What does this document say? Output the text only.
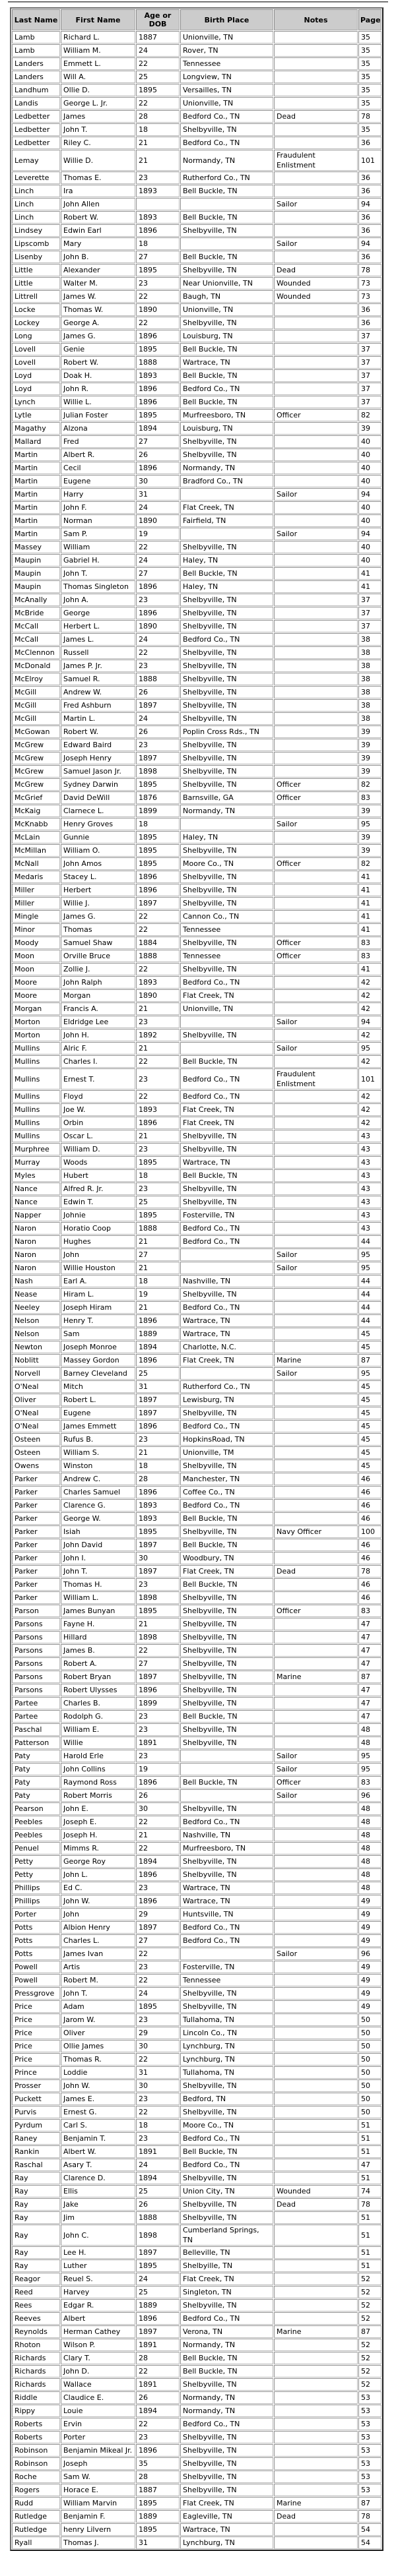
Last Name	First Name	Age or DOB	Birth Place	Notes	Page
Lamb	Richard L.	1887	Unionville, TN		35
Lamb	William M.	24	Rover, TN		35
Landers	Emmett L.	22	Tennessee		35
Landers	Will A.	25	Longview, TN		35
Landhum	Ollie D.	1895	Versailles, TN		35
Landis	George L. Jr.	22	Unionville, TN		35
Ledbetter	James	28	Bedford Co., TN	Dead	78
Ledbetter	John T.	18	Shelbyville, TN		35
Ledbetter	Riley C.	21	Bedford Co., TN		36
Lemay	Willie D.	21	Normandy, TN	Fraudulent Enlistment	101
Leverette	Thomas E.	23	Rutherford Co., TN		36
Linch	Ira	1893	Bell Buckle, TN		36
Linch	John Allen			Sailor	94
Linch	Robert W.	1893	Bell Buckle, TN		36
Lindsey	Edwin Earl	1896	Shelbyville, TN		36
Lipscomb	Mary	18		Sailor	94
Lisenby	John B.	27	Bell Buckle, TN		36
Little	Alexander	1895	Shelbyville, TN	Dead	78
Little	Walter M.	23	Near Unionville, TN	Wounded	73
Littrell	James W.	22	Baugh, TN	Wounded	73
Locke	Thomas W.	1890	Unionville, TN		36
Lockey	George A.	22	Shelbyville, TN		36
Long	James G.	1896	Louisburg, TN		37
Lovell	Genie	1895	Bell Buckle, TN		37
Lovell	Robert W.	1888	Wartrace, TN		37
Loyd	Doak H.	1893	Bell Buckle, TN		37
Loyd	John R.	1896	Bedford Co., TN		37
Lynch	Willie L.	1896	Bell Buckle, TN		37
Lytle	Julian Foster	1895	Murfreesboro, TN	Officer	82
Magathy	Alzona	1894	Louisburg, TN		39
Mallard	Fred	27	Shelbyville, TN		40
Martin	Albert R.	26	Shelbyville, TN		40
Martin	Cecil	1896	Normandy, TN		40
Martin	Eugene	30	Bradford Co., TN		40
Martin	Harry	31		Sailor	94
Martin	John F.	24	Flat Creek, TN		40
Martin	Norman	1890	Fairfield, TN		40
Martin	Sam P.	19		Sailor	94
Massey	William	22	Shelbyville, TN		40
Maupin	Gabriel H.	24	Haley, TN		40
Maupin	John T.	27	Bell Buckle, TN		41
Maupin	Thomas Singleton	1896	Haley, TN		41
McAnally	John A.	23	Shelbyville, TN		37
McBride	George	1896	Shelbyville, TN		37
McCall	Herbert L.	1890	Shelbyville, TN		37
McCall	James L.	24	Bedford Co., TN		38
McClennon	Russell	22	Shelbyville, TN		38
McDonald	James P. Jr.	23	Shelbyville, TN		38
McElroy	Samuel R.	1888	Shelbyville, TN		38
McGill	Andrew W.	26	Shelbyville, TN		38
McGill	Fred Ashburn	1897	Shelbyville, TN		38
McGill	Martin L.	24	Shelbyville, TN		38
McGowan	Robert W.	26	Poplin Cross Rds., TN		39
McGrew	Edward Baird	23	Shelbyville, TN		39
McGrew	Joseph Henry	1897	Shelbyville, TN		39
McGrew	Samuel Jason Jr.	1898	Shelbyville, TN		39
McGrew	Sydney Darwin	1895	Shelbyville, TN	Officer	82
McGrief	David DeWill	1876	Barnsville, GA	Officer	83
McKaig	Clarnece L.	1899	Normandy, TN		39
McKnabb	Henry Groves	18		Sailor	95
McLain	Gunnie	1895	Haley, TN		39
McMillan	William O.	1895	Shelbyville, TN		39
McNall	John Amos	1895	Moore Co., TN	Officer	82
Medaris	Stacey L.	1896	Shelbyville, TN		41
Miller	Herbert	1896	Shelbyville, TN		41
Miller	Willie J.	1897	Shelbyville, TN		41
Mingle	James G.	22	Cannon Co., TN		41
Minor	Thomas	22	Tennessee		41
Moody	Samuel Shaw	1884	Shelbyville, TN	Officer	83
Moon	Orville Bruce	1888	Tennessee	Officer	83
Moon	Zollie J.	22	Shelbyville, TN		41
Moore	John Ralph	1893	Bedford Co., TN		42
Moore	Morgan	1890	Flat Creek, TN		42
Morgan	Francis A.	21	Unionville, TN		42
Morton	Eldridge Lee	23		Sailor	94
Morton	John H.	1892	Shelbyville, TN		42
Mullins	Alric F.	21		Sailor	95
Mullins	Charles I.	22	Bell Buckle, TN		42
Mullins	Ernest T.	23	Bedford Co., TN	Fraudulent Enlistment	101
Mullins	Floyd	22	Bedford Co., TN		42
Mullins	Joe W.	1893	Flat Creek, TN		42
Mullins	Orbin	1896	Flat Creek, TN		42
Mullins	Oscar L.	21	Shelbyville, TN		43
Murphree	William D.	23	Shelbyville, TN		43
Murray	Woods	1895	Wartrace, TN		43
Myles	Hubert	18	Bell Buckle, TN		43
Nance	Alfred R. Jr.	23	Shelbyville, TN		43
Nance	Edwin T.	25	Shelbyville, TN		43
Napper	Johnie	1895	Fosterville, TN		43
Naron	Horatio Coop	1888	Bedford Co., TN		43
Naron	Hughes	21	Bedford Co., TN		44
Naron	John	27		Sailor	95
Naron	Willie Houston	21		Sailor	95
Nash	Earl A.	18	Nashville, TN		44
Nease	Hiram L.	19	Shelbyville, TN		44
Neeley	Joseph Hiram	21	Bedford Co., TN		44
Nelson	Henry T.	1896	Wartrace, TN		44
Nelson	Sam	1889	Wartrace, TN		45
Newton	Joseph Monroe	1894	Charlotte, N.C.		45
Noblitt	Massey Gordon	1896	Flat Creek, TN	Marine	87
Norvell	Barney Cleveland	25		Sailor	95
O'Neal	Mitch	31	Rutherford Co., TN		45
Oliver	Robert L.	1897	Lewisburg, TN		45
O'Neal	Eugene	1897	Shelbyville, TN		45
O'Neal	James Emmett	1896	Bedford Co., TN		45
Osteen	Rufus B.	23	HopkinsRoad, TN		45
Osteen	William S.	21	Unionville, TM		45
Owens	Winston	18	Shelbyville, TN		45
Parker	Andrew C.	28	Manchester, TN		46
Parker	Charles Samuel	1896	Coffee Co., TN		46
Parker	Clarence G.	1893	Bedford Co., TN		46
Parker	George W.	1893	Bell Buckle, TN		46
Parker	Isiah	1895	Shelbyville, TN	Navy Officer	100
Parker	John David	1897	Bell Buckle, TN		46
Parker	John I.	30	Woodbury, TN		46
Parker	John T.	1897	Flat Creek, TN	Dead	78
Parker	Thomas H.	23	Bell Buckle, TN		46
Parker	William L.	1898	Shelbyville, TN		46
Parson	James Bunyan	1895	Shelbyville, TN	Officer	83
Parsons	Fayne H.	21	Shelbyville, TN		47
Parsons	Hillard	1898	Shelbyville, TN		47
Parsons	James B.	22	Shelbyville, TN		47
Parsons	Robert A.	27	Shelbyville, TN		47
Parsons	Robert Bryan	1897	Shelbyville, TN	Marine	87
Parsons	Robert Ulysses	1896	Shelbyville, TN		47
Partee	Charles B.	1899	Shelbyville, TN		47
Partee	Rodolph G.	23	Bell Buckle, TN		47
Paschal	William E.	23	Shelbyville, TN		48
Patterson	Willie	1891	Shelbyville, TN		48
Paty	Harold Erle	23		Sailor	95
Paty	John Collins	19		Sailor	95
Paty	Raymond Ross	1896	Bell Buckle, TN	Officer	83
Paty	Robert Morris	26		Sailor	96
Pearson	John E.	30	Shelbyville, TN		48
Peebles	Joseph E.	22	Bedford Co., TN		48
Peebles	Joseph H.	21	Nashville, TN		48
Penuel	Mimms R.	22	Murfreesboro, TN		48
Petty	George Roy	1894	Shelbyville, TN		48
Petty	John L.	1896	Shelbyville, TN		48
Phillips	Ed C.	23	Wartrace, TN		48
Phillips	John W.	1896	Wartrace, TN		49
Porter	John	29	Huntsville, TN		49
Potts	Albion Henry	1897	Bedford Co., TN		49
Potts	Charles L.	27	Bedford Co., TN		49
Potts	James Ivan	22		Sailor	96
Powell	Artis	23	Fosterville, TN		49
Powell	Robert M.	22	Tennessee		49
Pressgrove	John T.	24	Shelbyville, TN		49
Price	Adam	1895	Shelbyville, TN		49
Price	Jarom W.	23	Tullahoma, TN		50
Price	Oliver	29	Lincoln Co., TN		50
Price	Ollie James	30	Lynchburg, TN		50
Price	Thomas R.	22	Lynchburg, TN		50
Prince	Loddie	31	Tullahoma, TN		50
Prosser	John W.	30	Shelbyville, TN		50
Puckett	James E.	23	Bedford, TN		50
Purvis	Ernest G.	22	Shelbyville, TN		50
Pyrdum	Carl S.	18	Moore Co., TN		51
Raney	Benjamin T.	23	Bedford Co., TN		51
Rankin	Albert W.	1891	Bell Buckle, TN		51
Raschal	Asary T.	24	Bedford Co., TN		47
Ray	Clarence D.	1894	Shelbyville, TN		51
Ray	Ellis	25	Union City, TN	Wounded	74
Ray	Jake	26	Shelbyville, TN	Dead	78
Ray	Jim	1888	Shelbyville, TN		51
Ray	John C.	1898	Cumberland Springs, TN		51
Ray	Lee H.	1897	Belleville, TN		51
Ray	Luther	1895	Shelbyille, TN		51
Reagor	Reuel S.	24	Flat Creek, TN		52
Reed	Harvey	25	Singleton, TN		52
Rees	Edgar R.	1889	Shelbyville, TN		52
Reeves	Albert	1896	Bedford Co., TN		52
Reynolds	Herman Cathey	1897	Verona, TN	Marine	87
Rhoton	Wilson P.	1891	Normandy, TN		52
Richards	Clary T.	28	Bell Buckle, TN		52
Richards	John D.	22	Bell Buckle, TN		52
Richards	Wallace	1891	Shelbyville, TN		52
Riddle	Claudice E.	26	Normandy, TN		53
Rippy	Louie	1894	Normandy, TN		53
Roberts	Ervin	22	Bedford Co., TN		53
Roberts	Porter	23	Shelbyville, TN		53
Robinson	Benjamin Mikeal Jr.	1896	Shelbyville, TN		53
Robinson	Joseph	35	Shelbyville, TN		53
Roche	Sam W.	28	Shelbyville, TN		53
Rogers	Horace E.	1887	Shelbyville, TN		53
Rudd	William Marvin	1895	Flat Creek, TN	Marine	87
Rutledge	Benjamin F.	1889	Eagleville, TN	Dead	78
Rutledge	henry Lilvern	1895	Wartrace, TN		54
Ryall	Thomas J.	31	Lynchburg, TN		54
